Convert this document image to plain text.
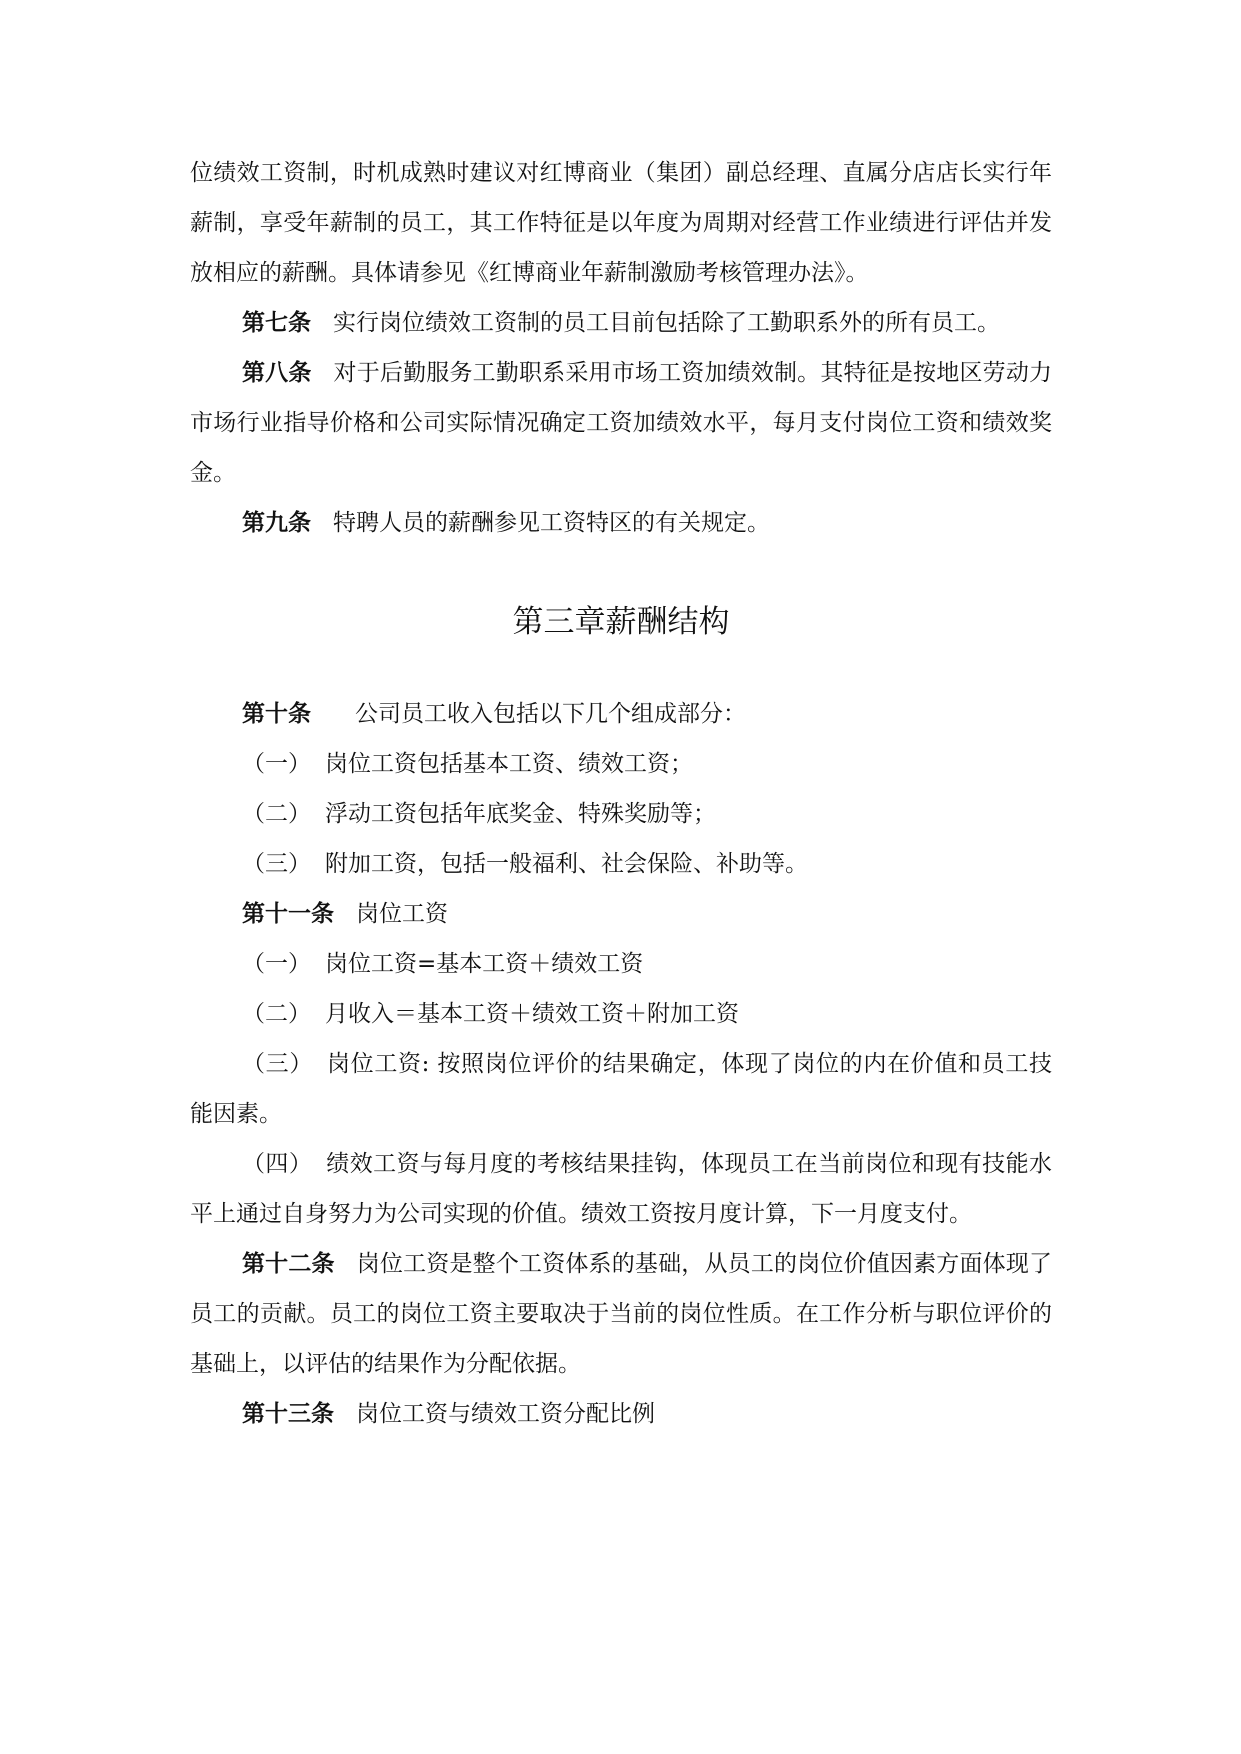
位绩效工资制，时机成熟时建议对红博商业（集团）副总经理、直属分店店长实行年薪制，享受年薪制的员工，其工作特征是以年度为周期对经营工作业绩进行评估并发放相应的薪酬。具体请参见《红博商业年薪制激励考核管理办法》。

第七条 实行岗位绩效工资制的员工目前包括除了工勤职系外的所有员工。

第八条 对于后勤服务工勤职系采用市场工资加绩效制。其特征是按地区劳动力市场行业指导价格和公司实际情况确定工资加绩效水平，每月支付岗位工资和绩效奖金。

第九条 特聘人员的薪酬参见工资特区的有关规定。

第三章薪酬结构

第十条 公司员工收入包括以下几个组成部分：

（一） 岗位工资包括基本工资、绩效工资；

（二） 浮动工资包括年底奖金、特殊奖励等；

（三） 附加工资，包括一般福利、社会保险、补助等。

第十一条 岗位工资

（一） 岗位工资=基本工资＋绩效工资

（二） 月收入＝基本工资＋绩效工资＋附加工资

（三） 岗位工资: 按照岗位评价的结果确定，体现了岗位的内在价值和员工技能因素。

（四） 绩效工资与每月度的考核结果挂钩，体现员工在当前岗位和现有技能水平上通过自身努力为公司实现的价值。绩效工资按月度计算，下一月度支付。

第十二条 岗位工资是整个工资体系的基础，从员工的岗位价值因素方面体现了员工的贡献。员工的岗位工资主要取决于当前的岗位性质。在工作分析与职位评价的基础上，以评估的结果作为分配依据。

第十三条 岗位工资与绩效工资分配比例
